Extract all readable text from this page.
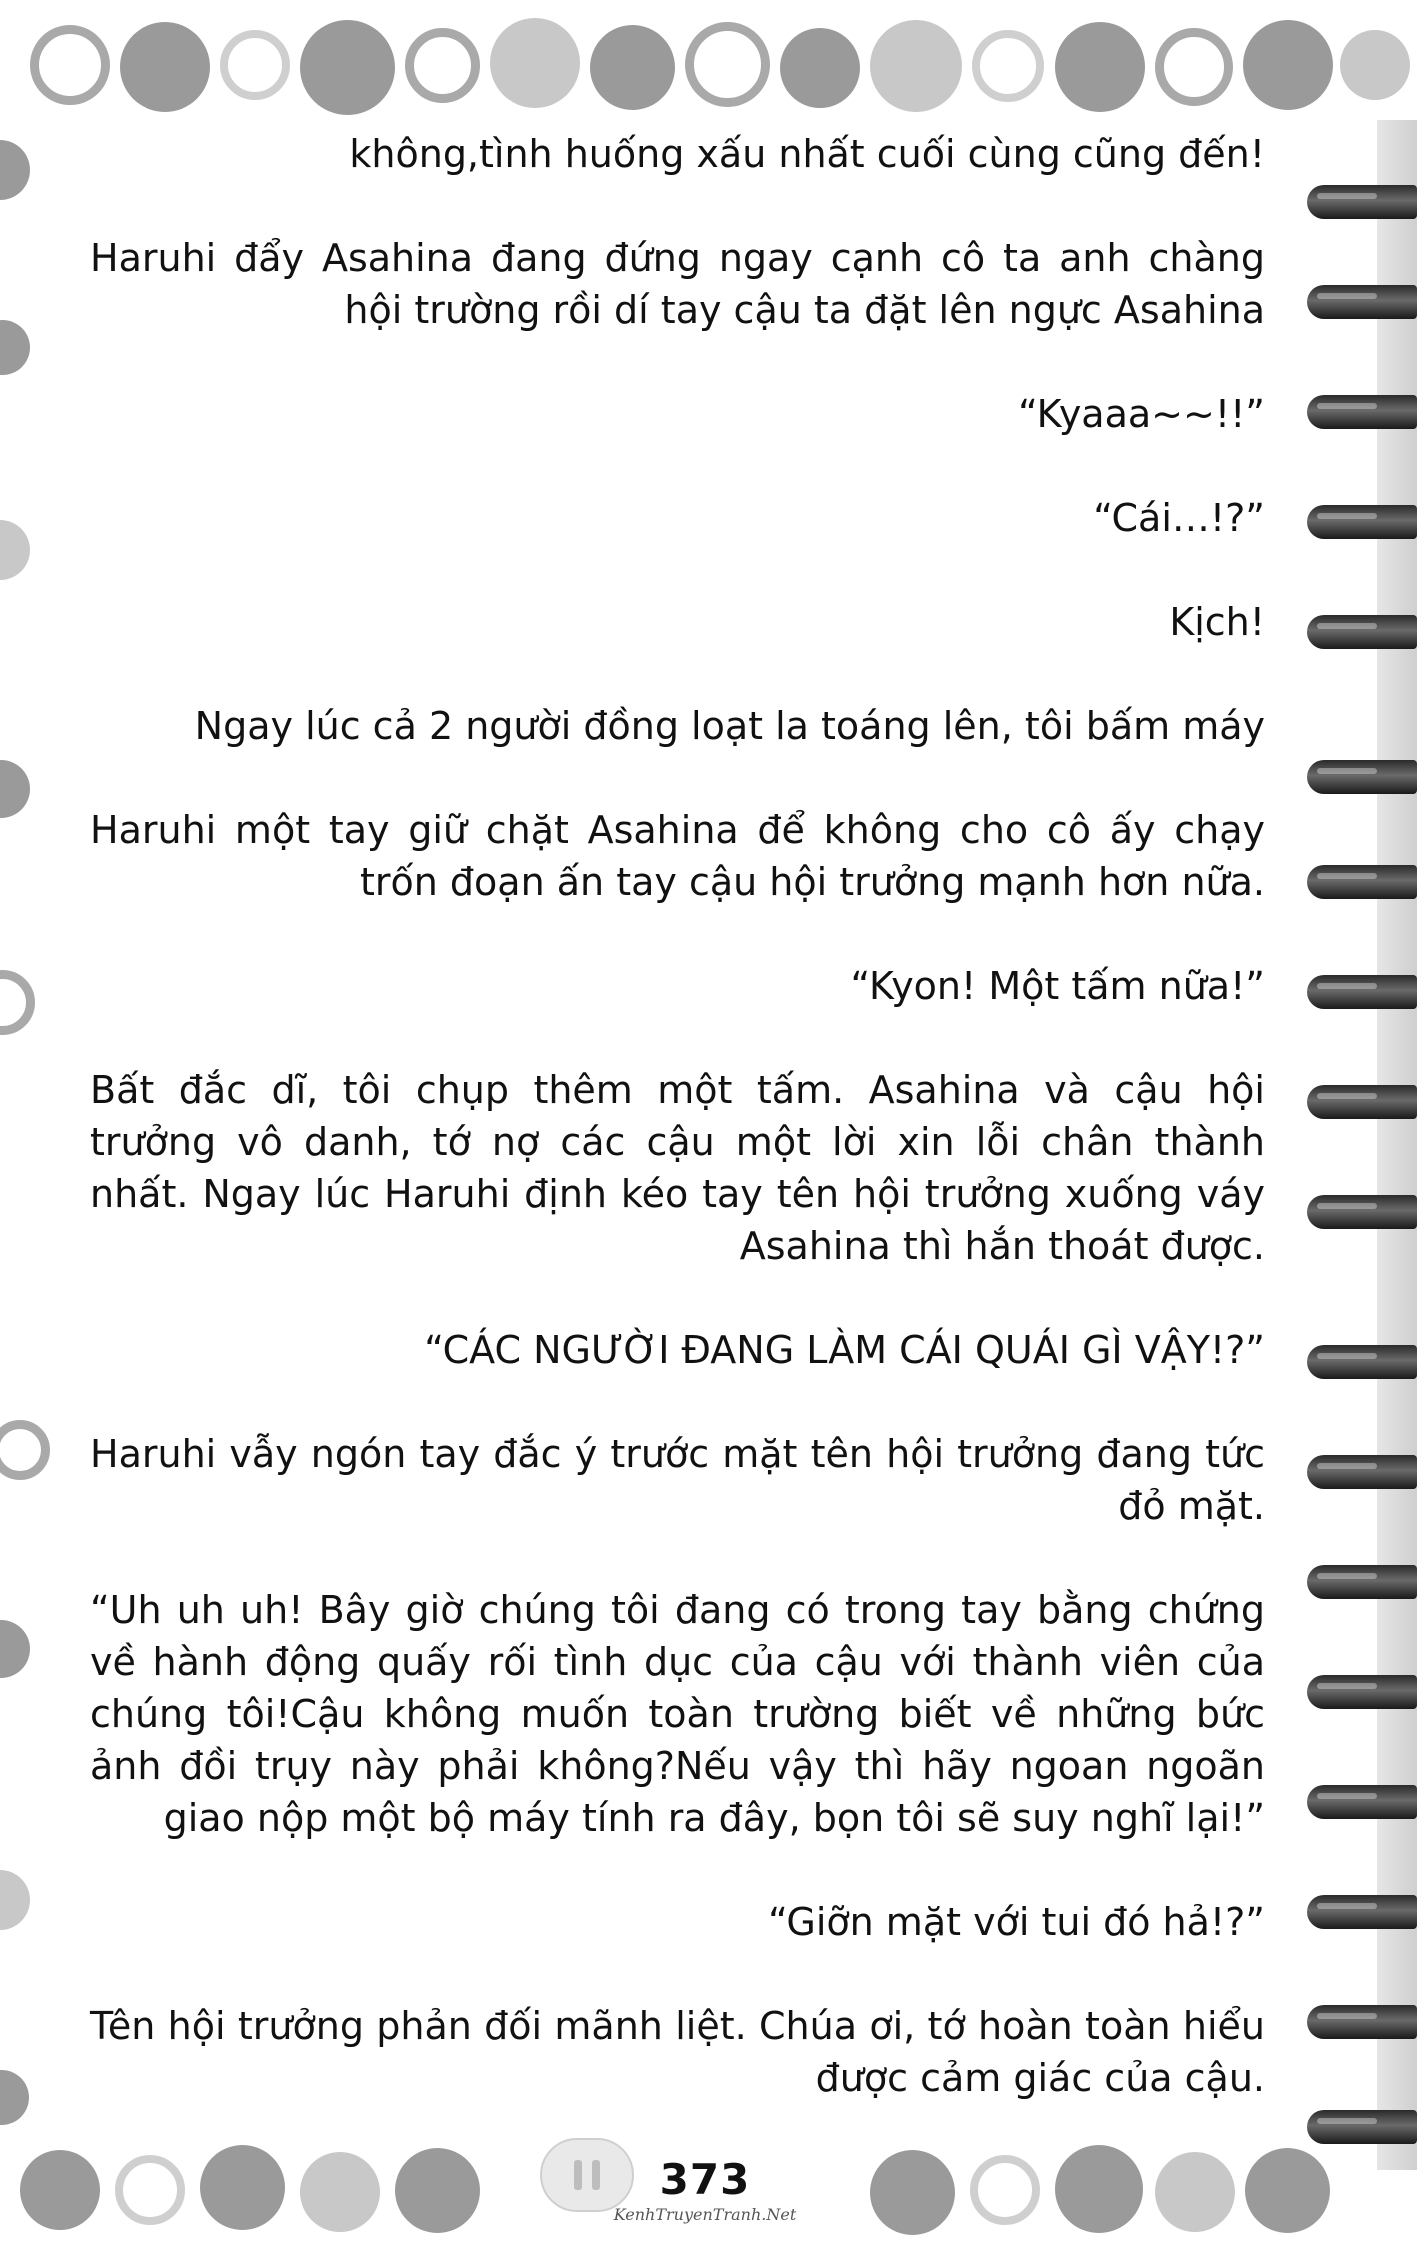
không,tình huống xấu nhất cuối cùng cũng đến!

Haruhi đẩy Asahina đang đứng ngay cạnh cô ta anh chàng hội trường rồi dí tay cậu ta đặt lên ngực Asahina

“Kyaaa~~!!”

“Cái…!?”

Kịch!

Ngay lúc cả 2 người đồng loạt la toáng lên, tôi bấm máy

Haruhi một tay giữ chặt Asahina để không cho cô ấy chạy trốn đoạn ấn tay cậu hội trưởng mạnh hơn nữa.

“Kyon! Một tấm nữa!”

Bất đắc dĩ, tôi chụp thêm một tấm. Asahina và cậu hội trưởng vô danh, tớ nợ các cậu một lời xin lỗi chân thành nhất. Ngay lúc Haruhi định kéo tay tên hội trưởng xuống váy Asahina thì hắn thoát được.

“CÁC NGƯỜI ĐANG LÀM CÁI QUÁI GÌ VẬY!?”

Haruhi vẫy ngón tay đắc ý trước mặt tên hội trưởng đang tức đỏ mặt.

“Uh uh uh! Bây giờ chúng tôi đang có trong tay bằng chứng về hành động quấy rối tình dục của cậu với thành viên của chúng tôi!Cậu không muốn toàn trường biết về những bức ảnh đồi trụy này phải không?Nếu vậy thì hãy ngoan ngoãn giao nộp một bộ máy tính ra đây, bọn tôi sẽ suy nghĩ lại!”

“Giỡn mặt với tui đó hả!?”

Tên hội trưởng phản đối mãnh liệt. Chúa ơi, tớ hoàn toàn hiểu được cảm giác của cậu.

373
KenhTruyenTranh.Net
